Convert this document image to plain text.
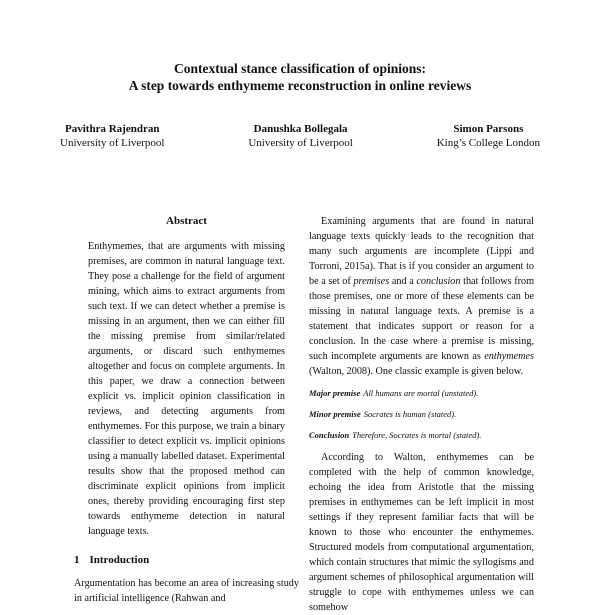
Contextual stance classification of opinions:

A step towards enthymeme reconstruction in online reviews

Pavithra Rajendran
University of Liverpool
Danushka Bollegala
University of Liverpool
Simon Parsons
King’s College London
Abstract

Enthymemes, that are arguments with missing premises, are common in natural language text. They pose a challenge for the field of argument mining, which aims to extract arguments from such text. If we can detect whether a premise is missing in an argument, then we can either fill the missing premise from similar/related arguments, or discard such enthymemes altogether and focus on complete arguments. In this paper, we draw a connection between explicit vs. implicit opinion classification in reviews, and detecting arguments from enthymemes. For this purpose, we train a binary classifier to detect explicit vs. implicit opinions using a manually labelled dataset. Experimental results show that the proposed method can discriminate explicit opinions from implicit ones, thereby providing encouraging first step towards enthymeme detection in natural language texts.

1 Introduction

Argumentation has become an area of increasing study in artificial intelligence (Rahwan and

Examining arguments that are found in natural language texts quickly leads to the recognition that many such arguments are incomplete (Lippi and Torroni, 2015a). That is if you consider an argument to be a set of premises and a conclusion that follows from those premises, one or more of these elements can be missing in natural language texts. A premise is a statement that indicates support or reason for a conclusion. In the case where a premise is missing, such incomplete arguments are known as enthymemes (Walton, 2008). One classic example is given below.

Major premise All humans are mortal (unstated).
Minor premise Socrates is human (stated).
Conclusion Therefore, Socrates is mortal (stated).

According to Walton, enthymemes can be completed with the help of common knowledge, echoing the idea from Aristotle that the missing premises in enthymemes can be left implicit in most settings if they represent familiar facts that will be known to those who encounter the enthymemes. Structured models from computational argumentation, which contain structures that mimic the syllogisms and argument schemes of philosophical argumentation will struggle to cope with enthymemes unless we can somehow
